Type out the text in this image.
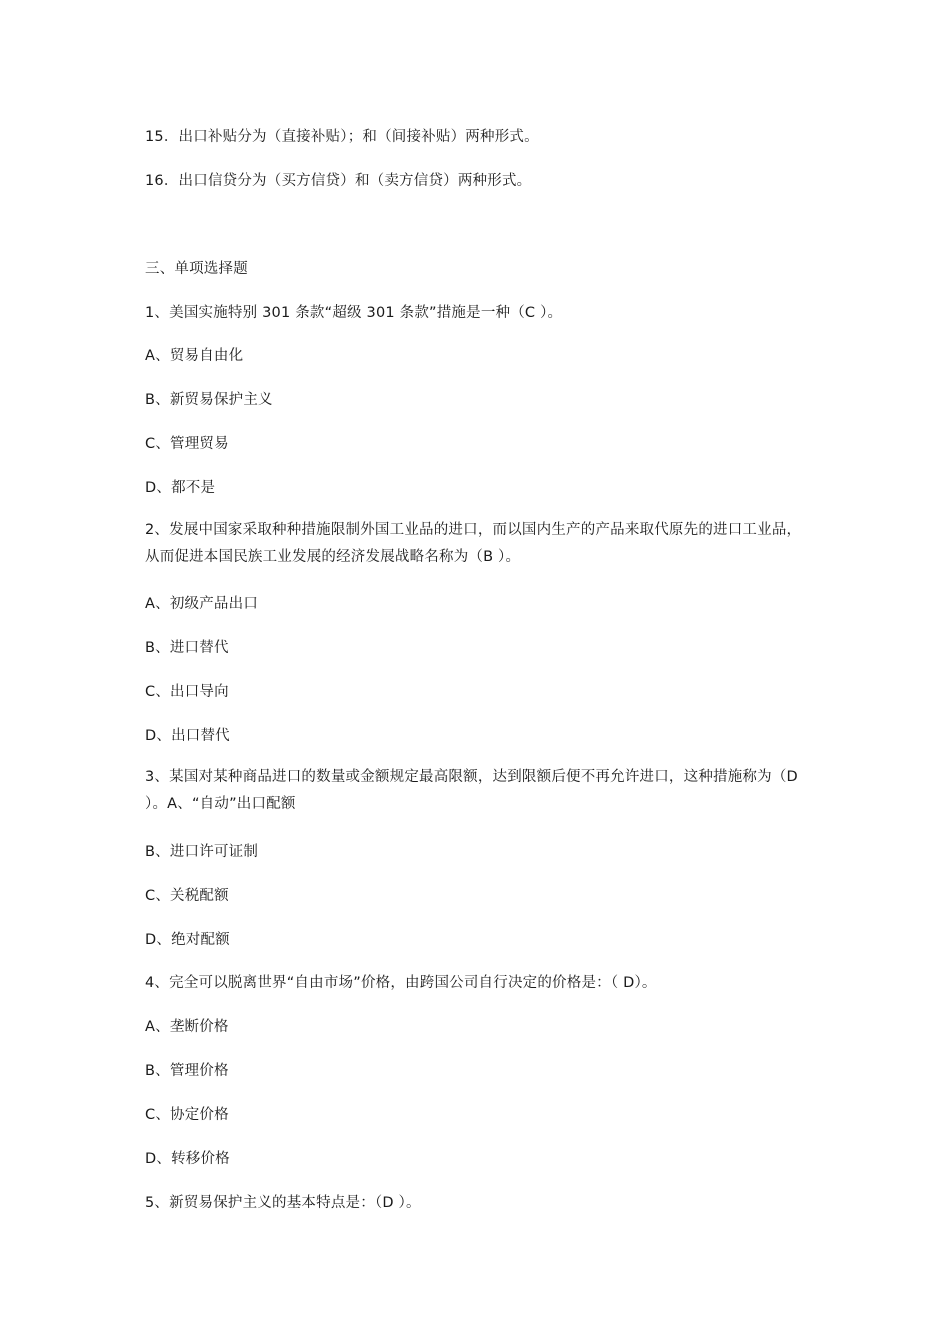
15．出口补贴分为（直接补贴）；和（间接补贴）两种形式。
16．出口信贷分为（买方信贷）和（卖方信贷）两种形式。
三、单项选择题
1、美国实施特别 301 条款“超级 301 条款”措施是一种（C ）。
A、贸易自由化
B、新贸易保护主义
C、管理贸易
D、都不是
2、发展中国家采取种种措施限制外国工业品的进口，而以国内生产的产品来取代原先的进口工业品，从而促进本国民族工业发展的经济发展战略名称为（B ）。
A、初级产品出口
B、进口替代
C、出口导向
D、出口替代
3、某国对某种商品进口的数量或金额规定最高限额，达到限额后便不再允许进口，这种措施称为（D ）。A、“自动”出口配额
B、进口许可证制
C、关税配额
D、绝对配额
4、完全可以脱离世界“自由市场”价格，由跨国公司自行决定的价格是：（ D）。
A、垄断价格
B、管理价格
C、协定价格
D、转移价格
5、新贸易保护主义的基本特点是：（D ）。
